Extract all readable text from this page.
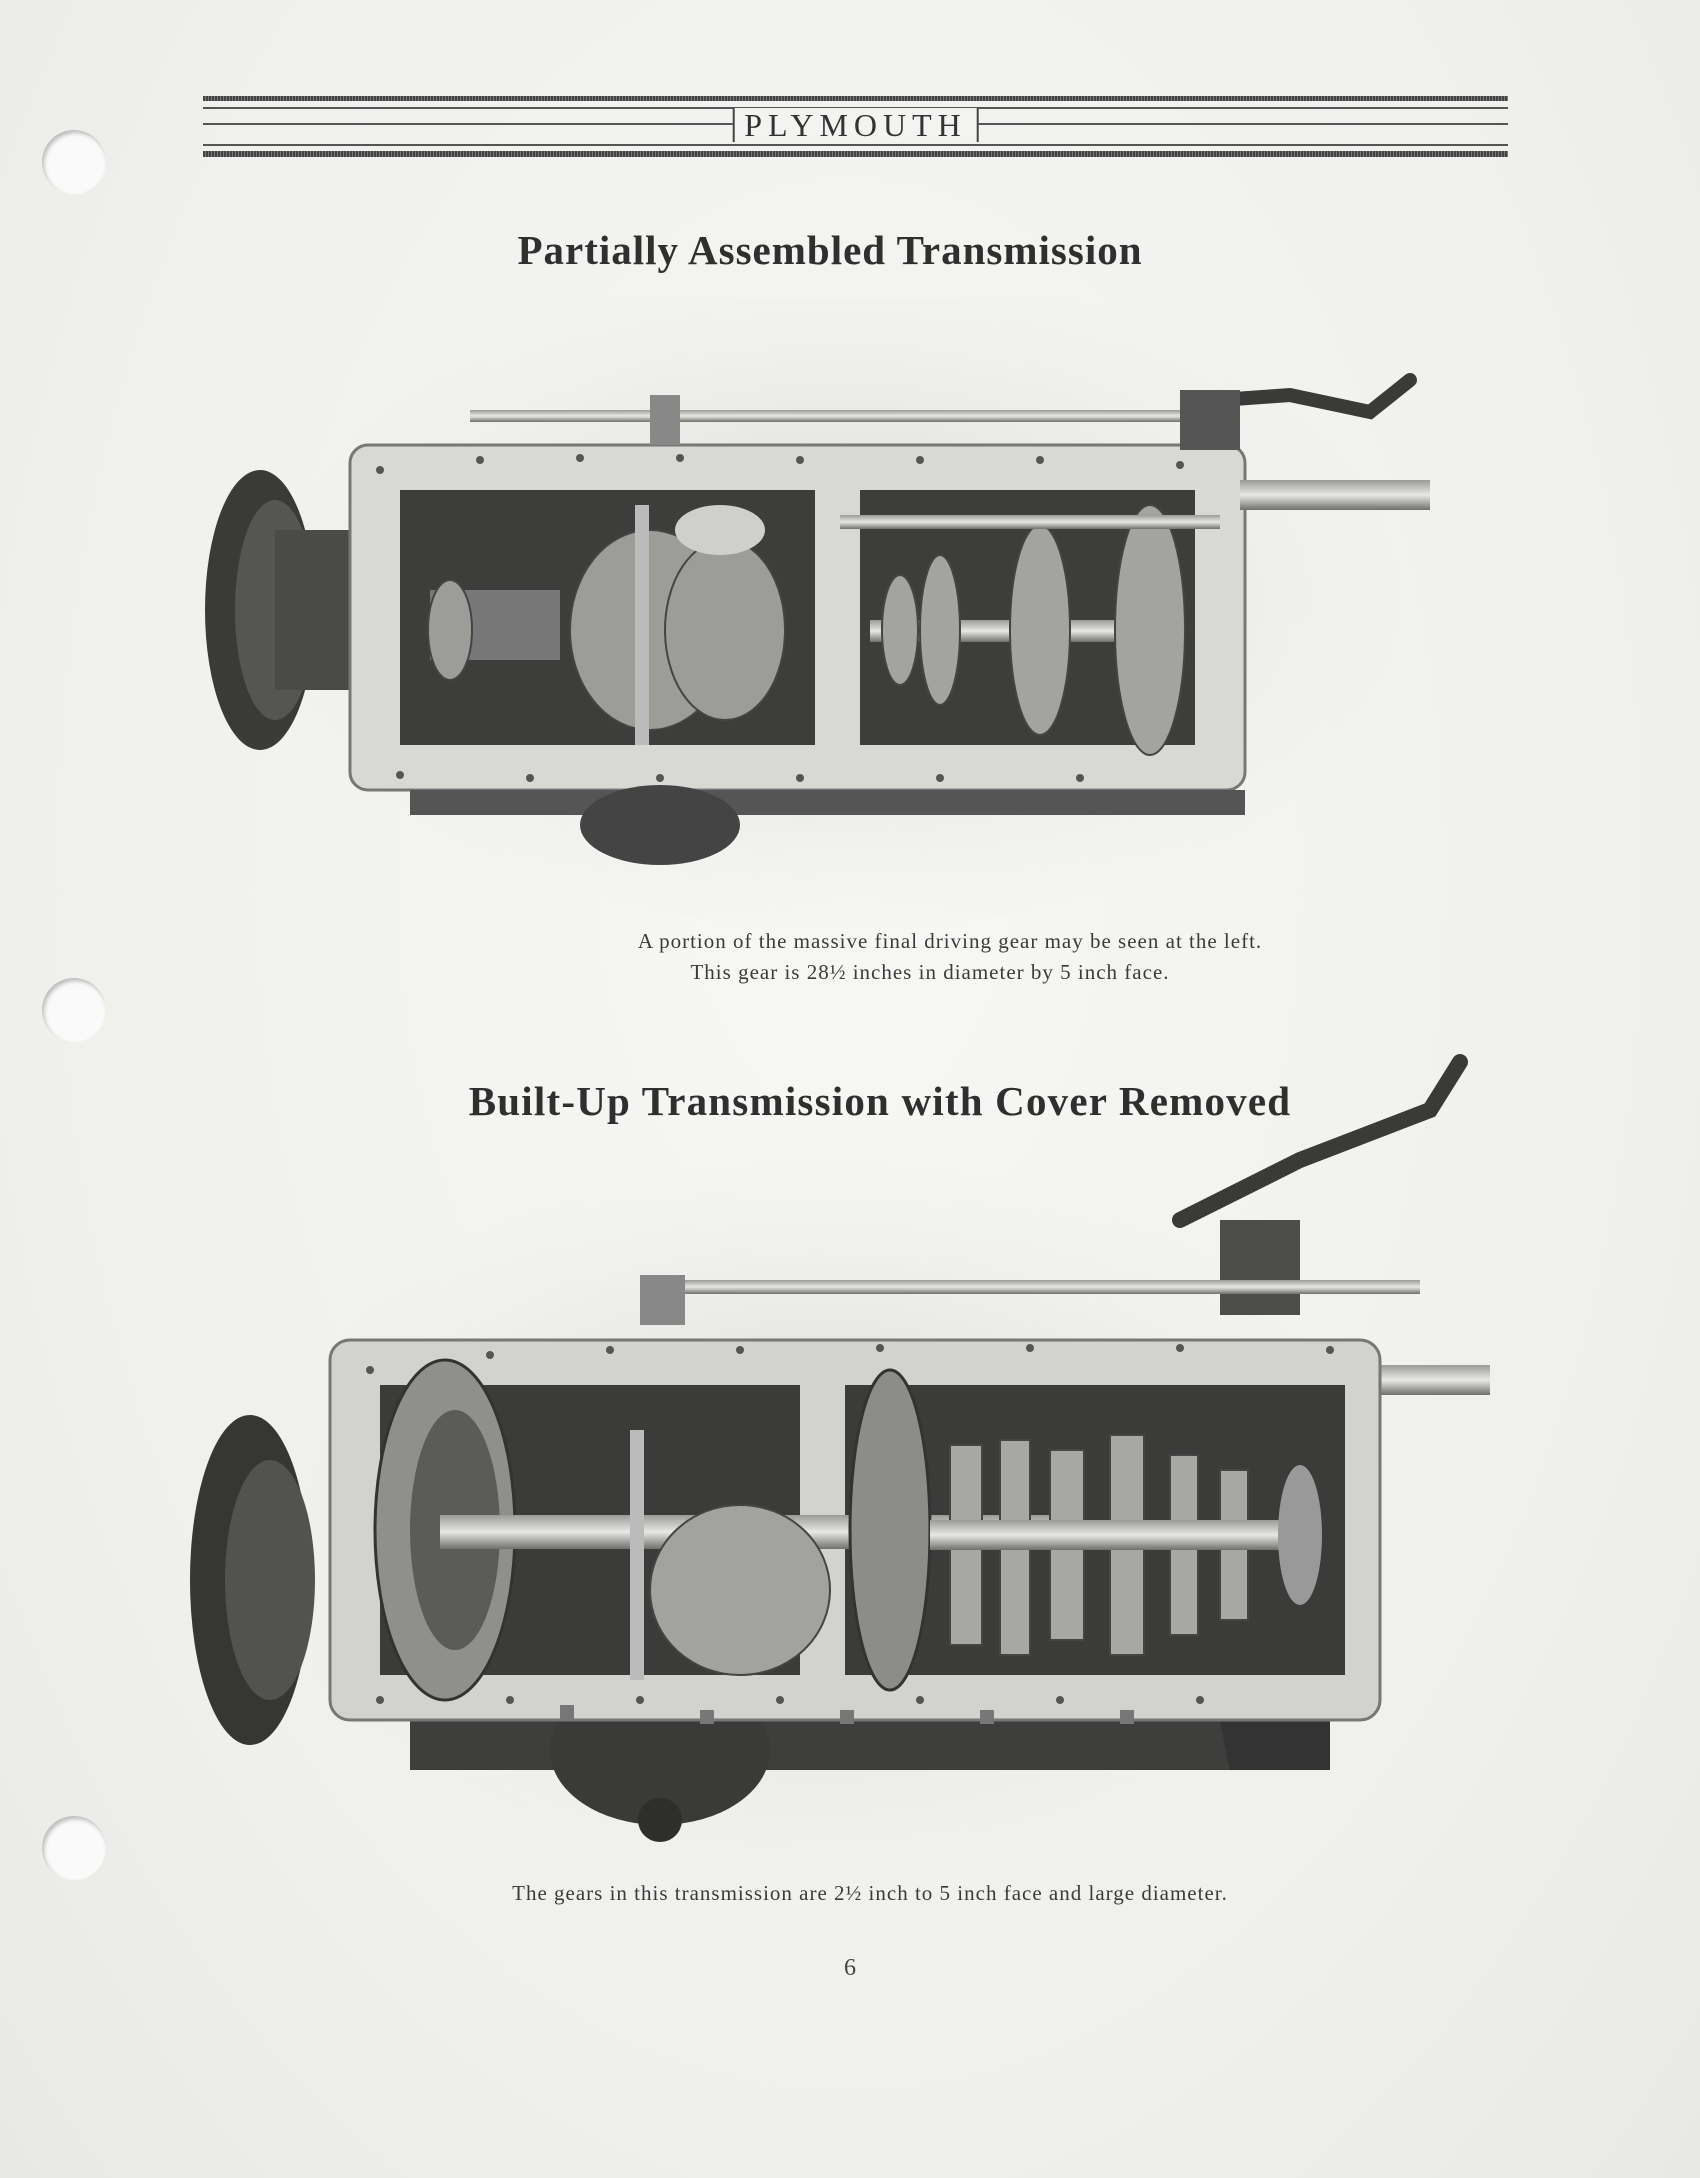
PLYMOUTH
Partially Assembled Transmission
A portion of the massive final driving gear may be seen at the left.
This gear is 28½ inches in diameter by 5 inch face.
Built-Up Transmission with Cover Removed
The gears in this transmission are 2½ inch to 5 inch face and large diameter.
6
